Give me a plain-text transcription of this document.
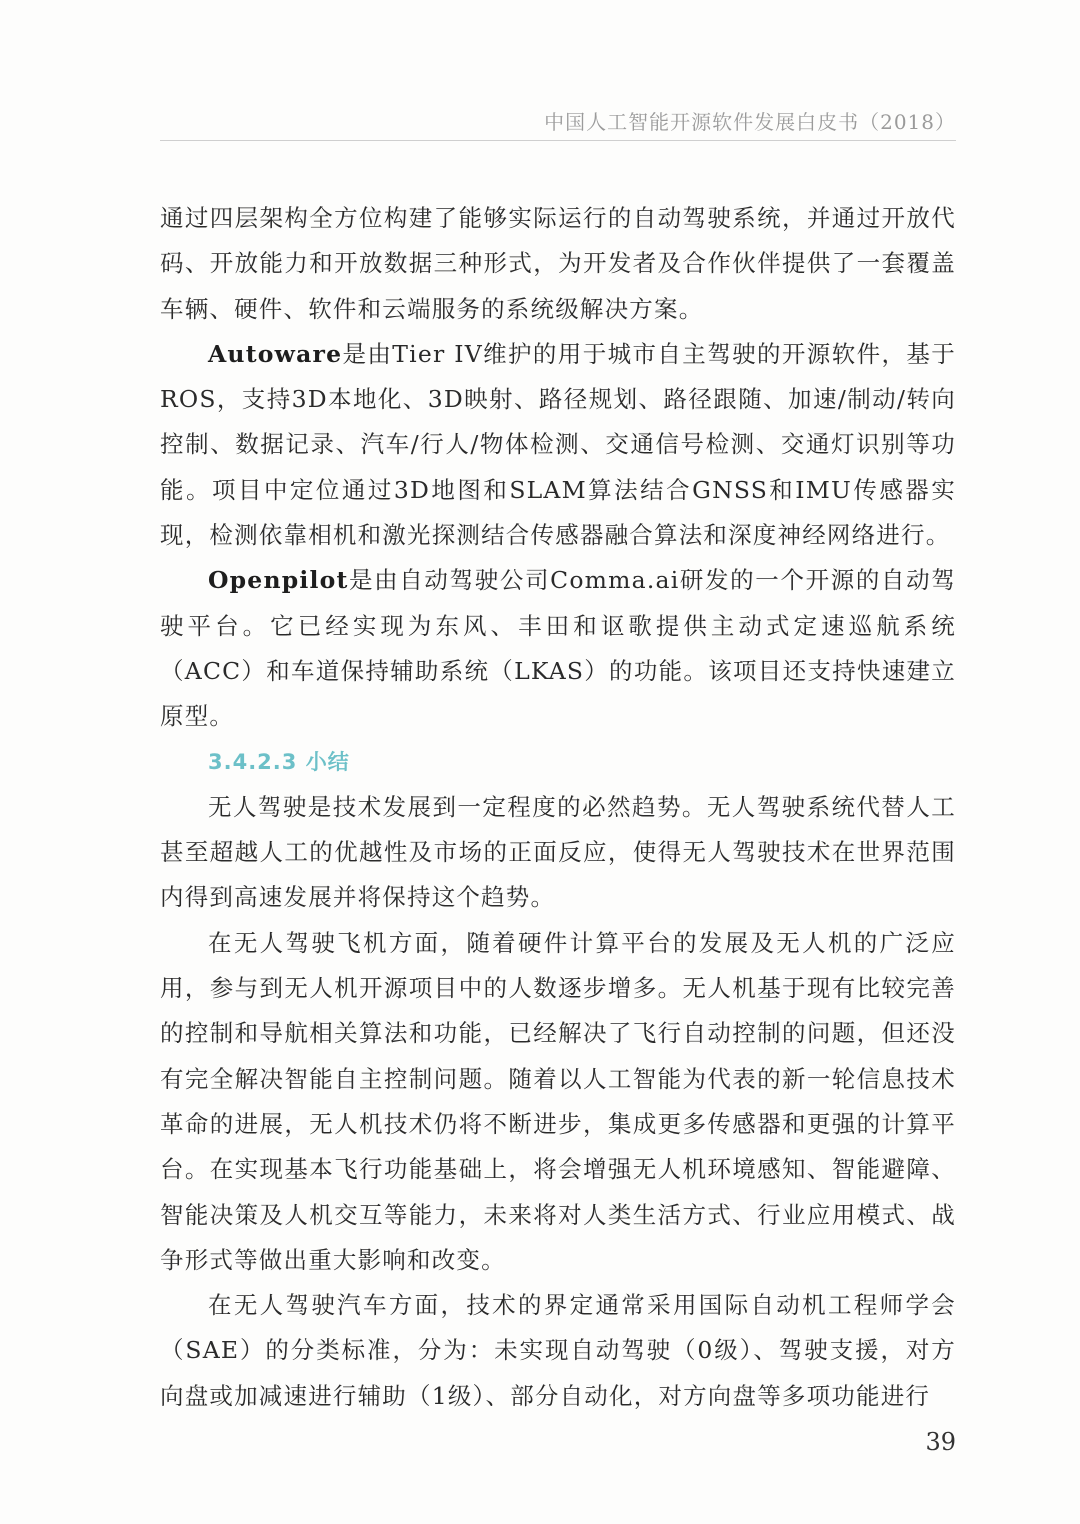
中国人工智能开源软件发展白皮书（2018）

通过四层架构全方位构建了能够实际运行的自动驾驶系统，并通过开放代码、开放能力和开放数据三种形式，为开发者及合作伙伴提供了一套覆盖车辆、硬件、软件和云端服务的系统级解决方案。

Autoware是由Tier IV维护的用于城市自主驾驶的开源软件，基于ROS，支持3D本地化、3D映射、路径规划、路径跟随、加速/制动/转向控制、数据记录、汽车/行人/物体检测、交通信号检测、交通灯识别等功能。项目中定位通过3D地图和SLAM算法结合GNSS和IMU传感器实现，检测依靠相机和激光探测结合传感器融合算法和深度神经网络进行。

Openpilot是由自动驾驶公司Comma.ai研发的一个开源的自动驾驶平台。它已经实现为东风、丰田和讴歌提供主动式定速巡航系统（ACC）和车道保持辅助系统（LKAS）的功能。该项目还支持快速建立原型。

3.4.2.3 小结

无人驾驶是技术发展到一定程度的必然趋势。无人驾驶系统代替人工甚至超越人工的优越性及市场的正面反应，使得无人驾驶技术在世界范围内得到高速发展并将保持这个趋势。

在无人驾驶飞机方面，随着硬件计算平台的发展及无人机的广泛应用，参与到无人机开源项目中的人数逐步增多。无人机基于现有比较完善的控制和导航相关算法和功能，已经解决了飞行自动控制的问题，但还没有完全解决智能自主控制问题。随着以人工智能为代表的新一轮信息技术革命的进展，无人机技术仍将不断进步，集成更多传感器和更强的计算平台。在实现基本飞行功能基础上，将会增强无人机环境感知、智能避障、智能决策及人机交互等能力，未来将对人类生活方式、行业应用模式、战争形式等做出重大影响和改变。

在无人驾驶汽车方面，技术的界定通常采用国际自动机工程师学会（SAE）的分类标准，分为：未实现自动驾驶（0级）、驾驶支援，对方向盘或加减速进行辅助（1级）、部分自动化，对方向盘等多项功能进行

39
